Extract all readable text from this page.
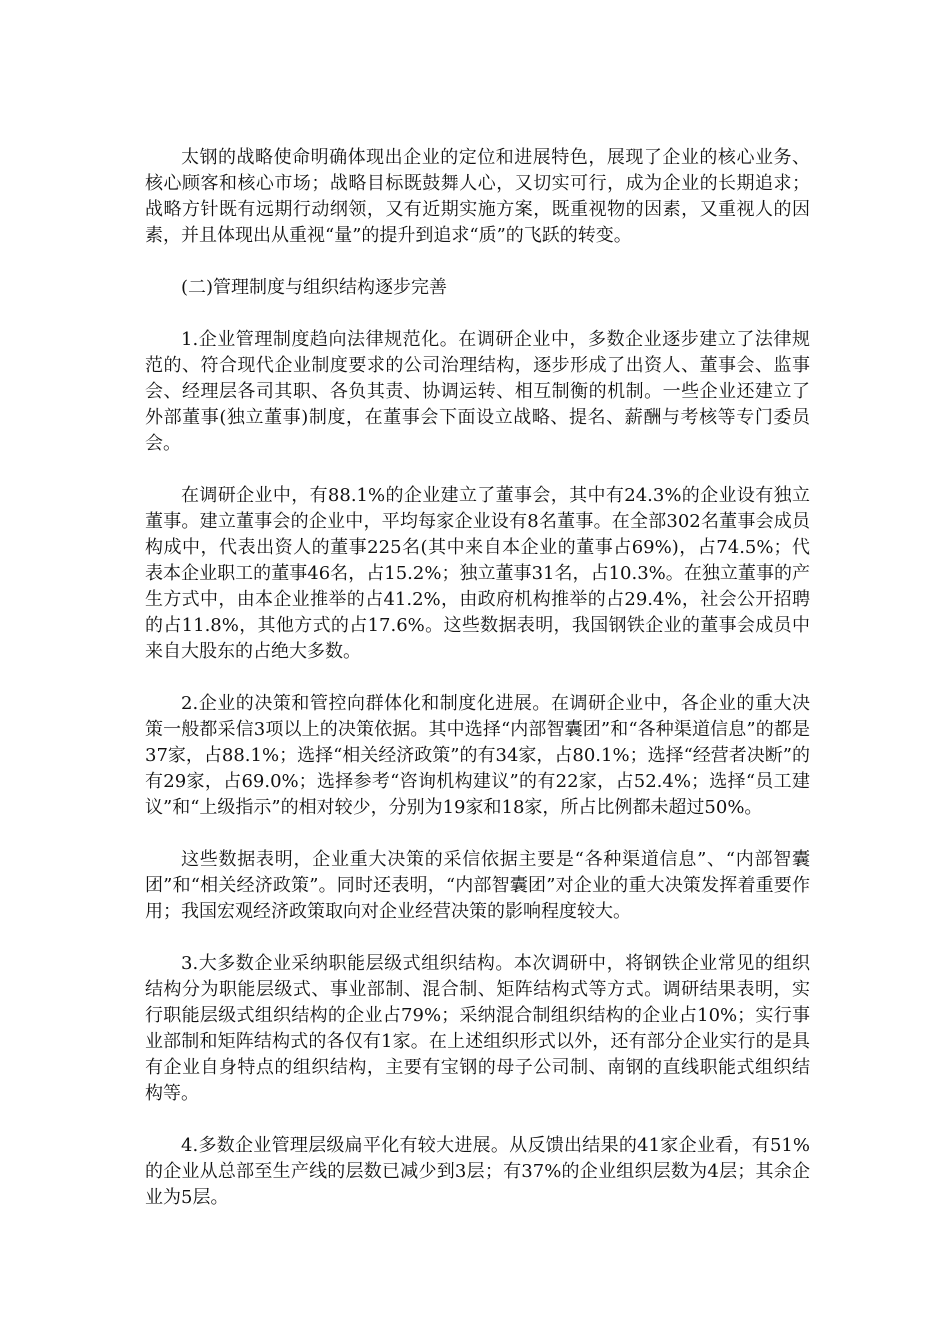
太钢的战略使命明确体现出企业的定位和进展特色，展现了企业的核心业务、核心顾客和核心市场；战略目标既鼓舞人心，又切实可行，成为企业的长期追求；战略方针既有远期行动纲领，又有近期实施方案，既重视物的因素，又重视人的因素，并且体现出从重视“量”的提升到追求“质”的飞跃的转变。

(二)管理制度与组织结构逐步完善

1.企业管理制度趋向法律规范化。在调研企业中，多数企业逐步建立了法律规范的、符合现代企业制度要求的公司治理结构，逐步形成了出资人、董事会、监事会、经理层各司其职、各负其责、协调运转、相互制衡的机制。一些企业还建立了外部董事(独立董事)制度，在董事会下面设立战略、提名、薪酬与考核等专门委员会。

在调研企业中，有88.1%的企业建立了董事会，其中有24.3%的企业设有独立董事。建立董事会的企业中，平均每家企业设有8名董事。在全部302名董事会成员构成中，代表出资人的董事225名(其中来自本企业的董事占69%)，占74.5%；代表本企业职工的董事46名，占15.2%；独立董事31名，占10.3%。在独立董事的产生方式中，由本企业推举的占41.2%，由政府机构推举的占29.4%，社会公开招聘的占11.8%，其他方式的占17.6%。这些数据表明，我国钢铁企业的董事会成员中来自大股东的占绝大多数。

2.企业的决策和管控向群体化和制度化进展。在调研企业中，各企业的重大决策一般都采信3项以上的决策依据。其中选择“内部智囊团”和“各种渠道信息”的都是37家，占88.1%；选择“相关经济政策”的有34家，占80.1%；选择“经营者决断”的有29家，占69.0%；选择参考“咨询机构建议”的有22家，占52.4%；选择“员工建议”和“上级指示”的相对较少，分别为19家和18家，所占比例都未超过50%。

这些数据表明，企业重大决策的采信依据主要是“各种渠道信息”、“内部智囊团”和“相关经济政策”。同时还表明，“内部智囊团”对企业的重大决策发挥着重要作用；我国宏观经济政策取向对企业经营决策的影响程度较大。

3.大多数企业采纳职能层级式组织结构。本次调研中，将钢铁企业常见的组织结构分为职能层级式、事业部制、混合制、矩阵结构式等方式。调研结果表明，实行职能层级式组织结构的企业占79%；采纳混合制组织结构的企业占10%；实行事业部制和矩阵结构式的各仅有1家。在上述组织形式以外，还有部分企业实行的是具有企业自身特点的组织结构，主要有宝钢的母子公司制、南钢的直线职能式组织结构等。

4.多数企业管理层级扁平化有较大进展。从反馈出结果的41家企业看，有51%的企业从总部至生产线的层数已减少到3层；有37%的企业组织层数为4层；其余企业为5层。
